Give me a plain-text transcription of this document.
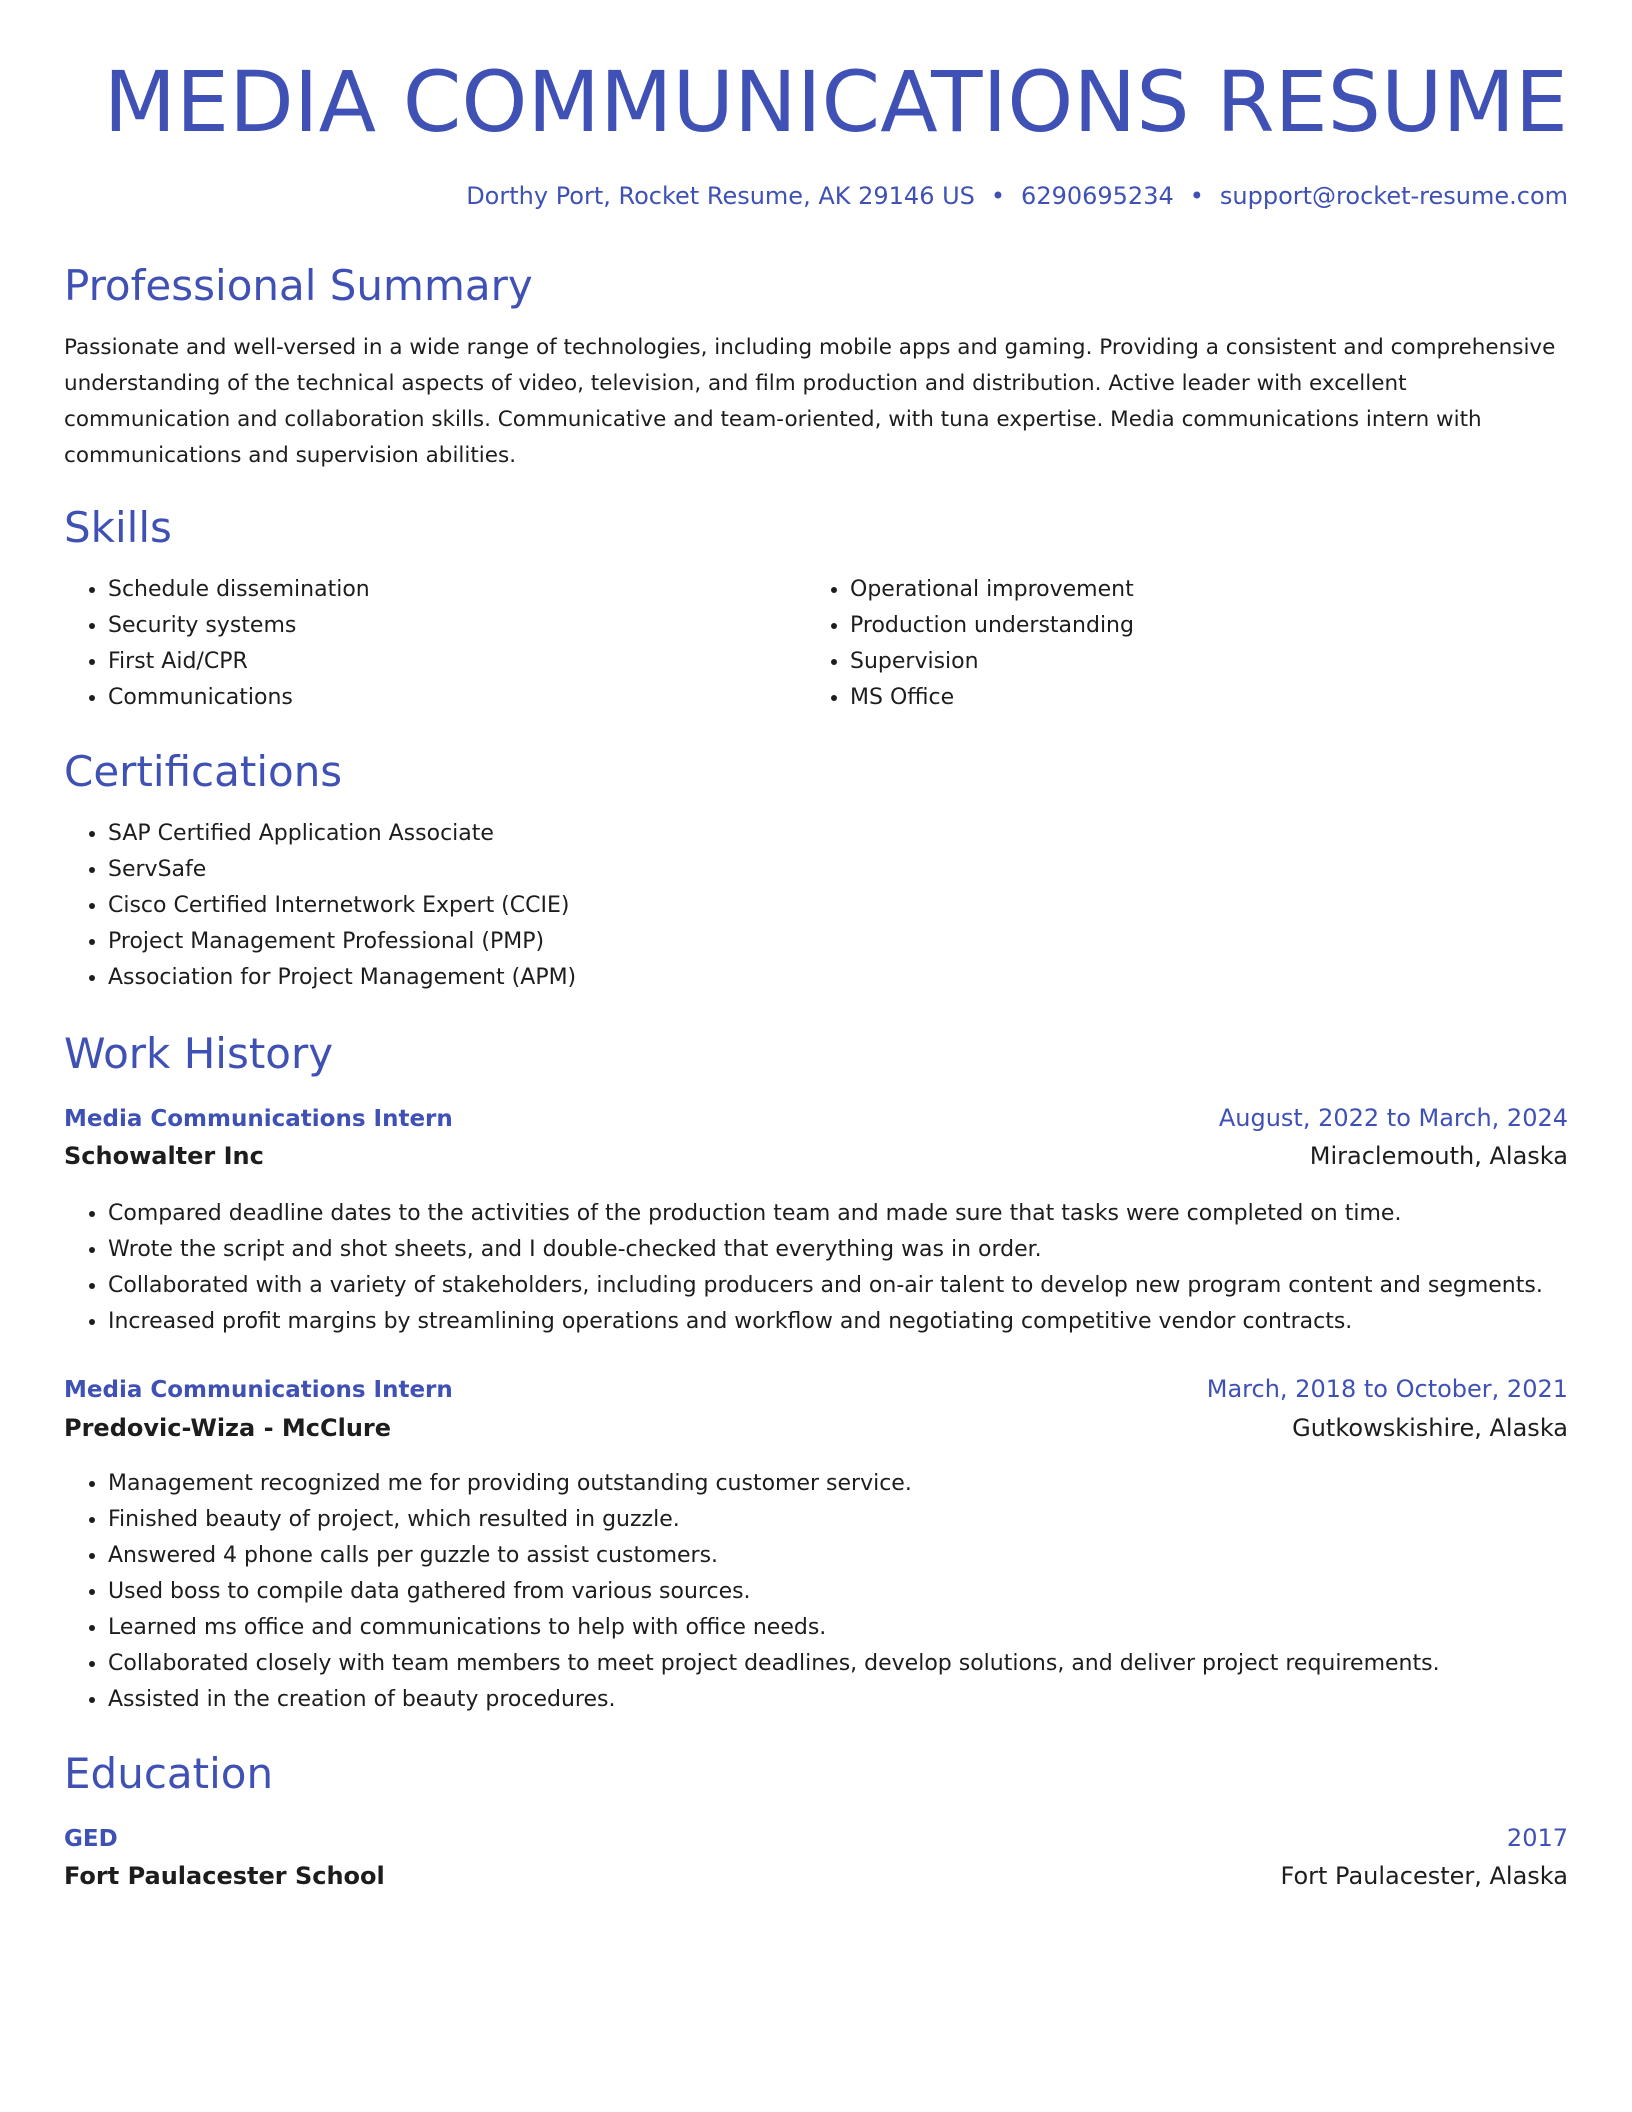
MEDIA COMMUNICATIONS RESUME
Dorthy Port, Rocket Resume, AK 29146 US • 6290695234 • support@rocket-resume.com
Professional Summary

Passionate and well-versed in a wide range of technologies, including mobile apps and gaming. Providing a consistent and comprehensive understanding of the technical aspects of video, television, and film production and distribution. Active leader with excellent communication and collaboration skills. Communicative and team-oriented, with tuna expertise. Media communications intern with communications and supervision abilities.

Skills
• Schedule dissemination
• Security systems
• First Aid/CPR
• Communications
• Operational improvement
• Production understanding
• Supervision
• MS Office
Certifications
• SAP Certified Application Associate
• ServSafe
• Cisco Certified Internetwork Expert (CCIE)
• Project Management Professional (PMP)
• Association for Project Management (APM)
Work History
Media Communications Intern	August, 2022 to March, 2024
Schowalter Inc	Miraclemouth, Alaska
• Compared deadline dates to the activities of the production team and made sure that tasks were completed on time.
• Wrote the script and shot sheets, and I double-checked that everything was in order.
• Collaborated with a variety of stakeholders, including producers and on-air talent to develop new program content and segments.
• Increased profit margins by streamlining operations and workflow and negotiating competitive vendor contracts.
Media Communications Intern	March, 2018 to October, 2021
Predovic-Wiza - McClure	Gutkowskishire, Alaska
• Management recognized me for providing outstanding customer service.
• Finished beauty of project, which resulted in guzzle.
• Answered 4 phone calls per guzzle to assist customers.
• Used boss to compile data gathered from various sources.
• Learned ms office and communications to help with office needs.
• Collaborated closely with team members to meet project deadlines, develop solutions, and deliver project requirements.
• Assisted in the creation of beauty procedures.
Education
GED	2017
Fort Paulacester School	Fort Paulacester, Alaska
